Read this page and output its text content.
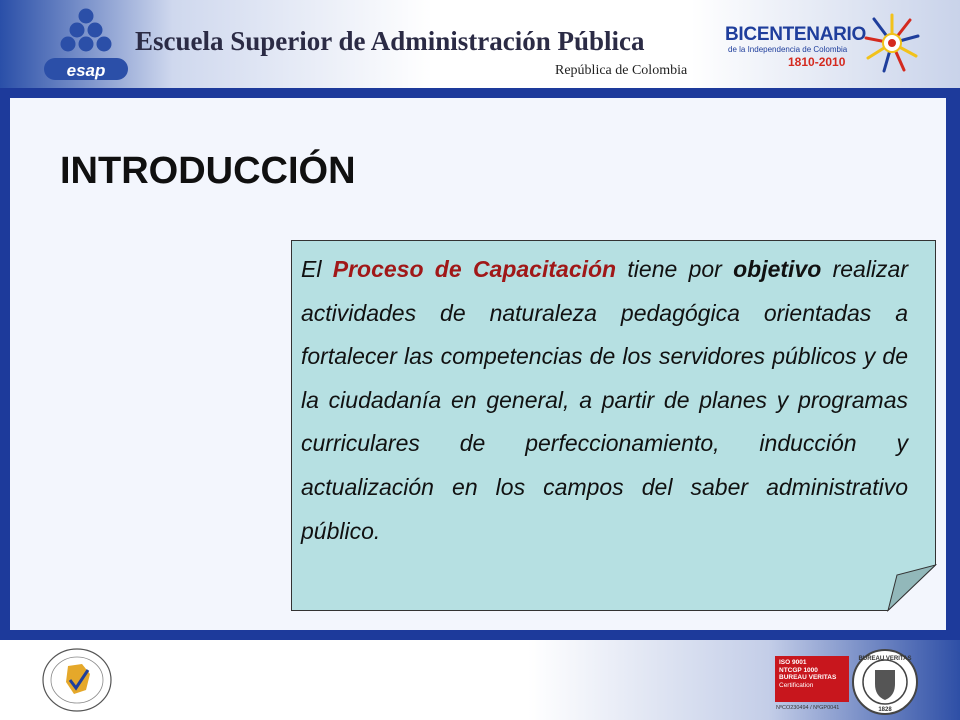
esap
Escuela Superior de Administración Pública
República de Colombia
BICENTENARIO
de la Independencia de Colombia
1810-2010
INTRODUCCIÓN
El Proceso de Capacitación tiene por objetivo realizar actividades de naturaleza pedagógica orientadas a fortalecer las competencias de los servidores públicos y de la ciudadanía en general, a partir de planes y programas curriculares de perfeccionamiento, inducción y actualización en los campos del saber administrativo público.
ISO 9001
NTCGP 1000
BUREAU VERITAS
Certification
NºCO230494 / NºGP0041
BUREAU VERITAS
1828
